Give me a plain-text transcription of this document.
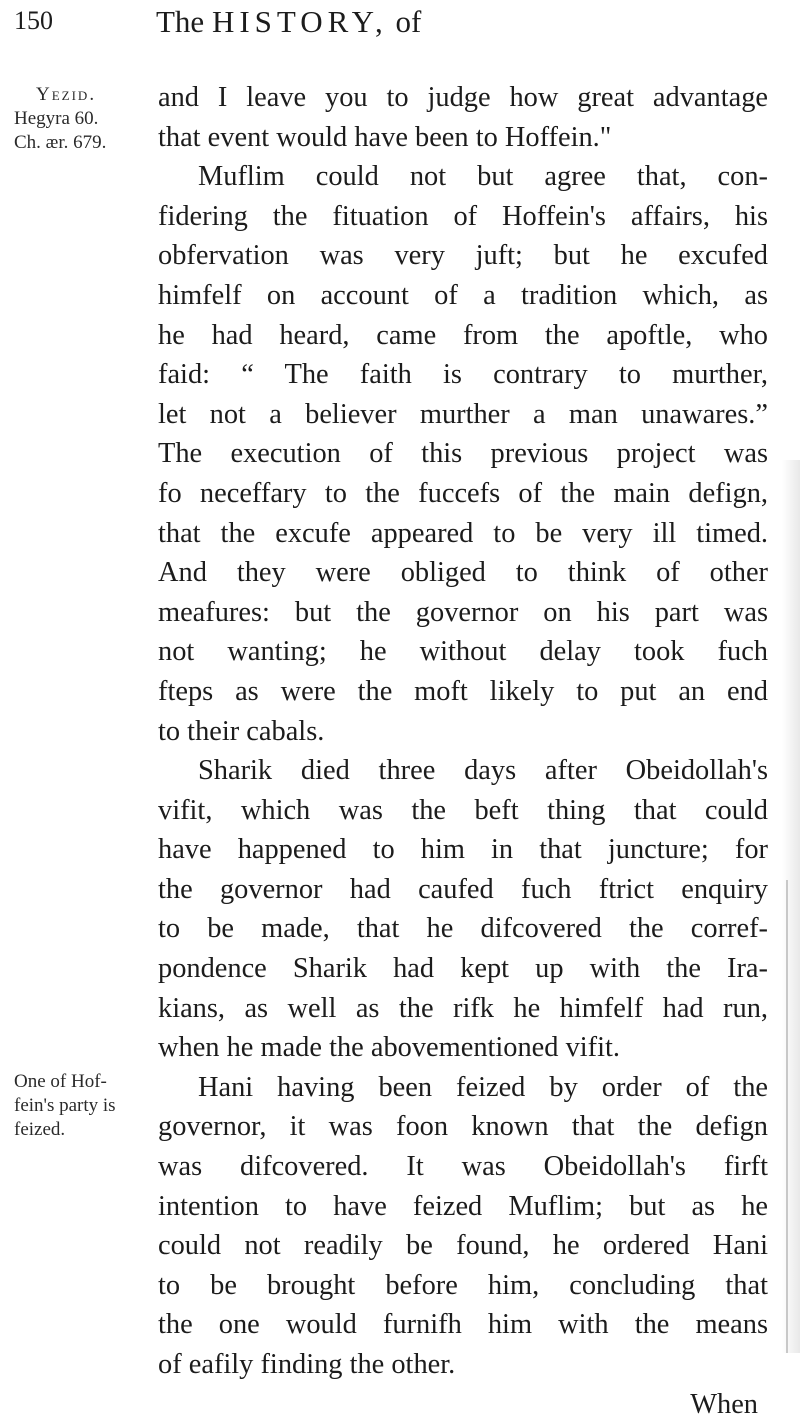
150	The HISTORY, of
Yezid.
Hegyra 60.
Ch. ær. 679.
One of Hof-
fein's party is
feized.
and I leave you to judge how great advantage
that event would have been to Hoffein."
Muflim could not but agree that, con-
fidering the fituation of Hoffein's affairs, his
obfervation was very juft; but he excufed
himfelf on account of a tradition which, as
he had heard, came from the apoftle, who
faid: “ The faith is contrary to murther,
let not a believer murther a man unawares.”
The execution of this previous project was
fo neceffary to the fuccefs of the main defign,
that the excufe appeared to be very ill timed.
And they were obliged to think of other
meafures: but the governor on his part was
not wanting; he without delay took fuch
fteps as were the moft likely to put an end
to their cabals.
Sharik died three days after Obeidollah's
vifit, which was the beft thing that could
have happened to him in that juncture; for
the governor had caufed fuch ftrict enquiry
to be made, that he difcovered the corref-
pondence Sharik had kept up with the Ira-
kians, as well as the rifk he himfelf had run,
when he made the abovementioned vifit.
Hani having been feized by order of the
governor, it was foon known that the defign
was difcovered. It was Obeidollah's firft
intention to have feized Muflim; but as he
could not readily be found, he ordered Hani
to be brought before him, concluding that
the one would furnifh him with the means
of eafily finding the other.
When
